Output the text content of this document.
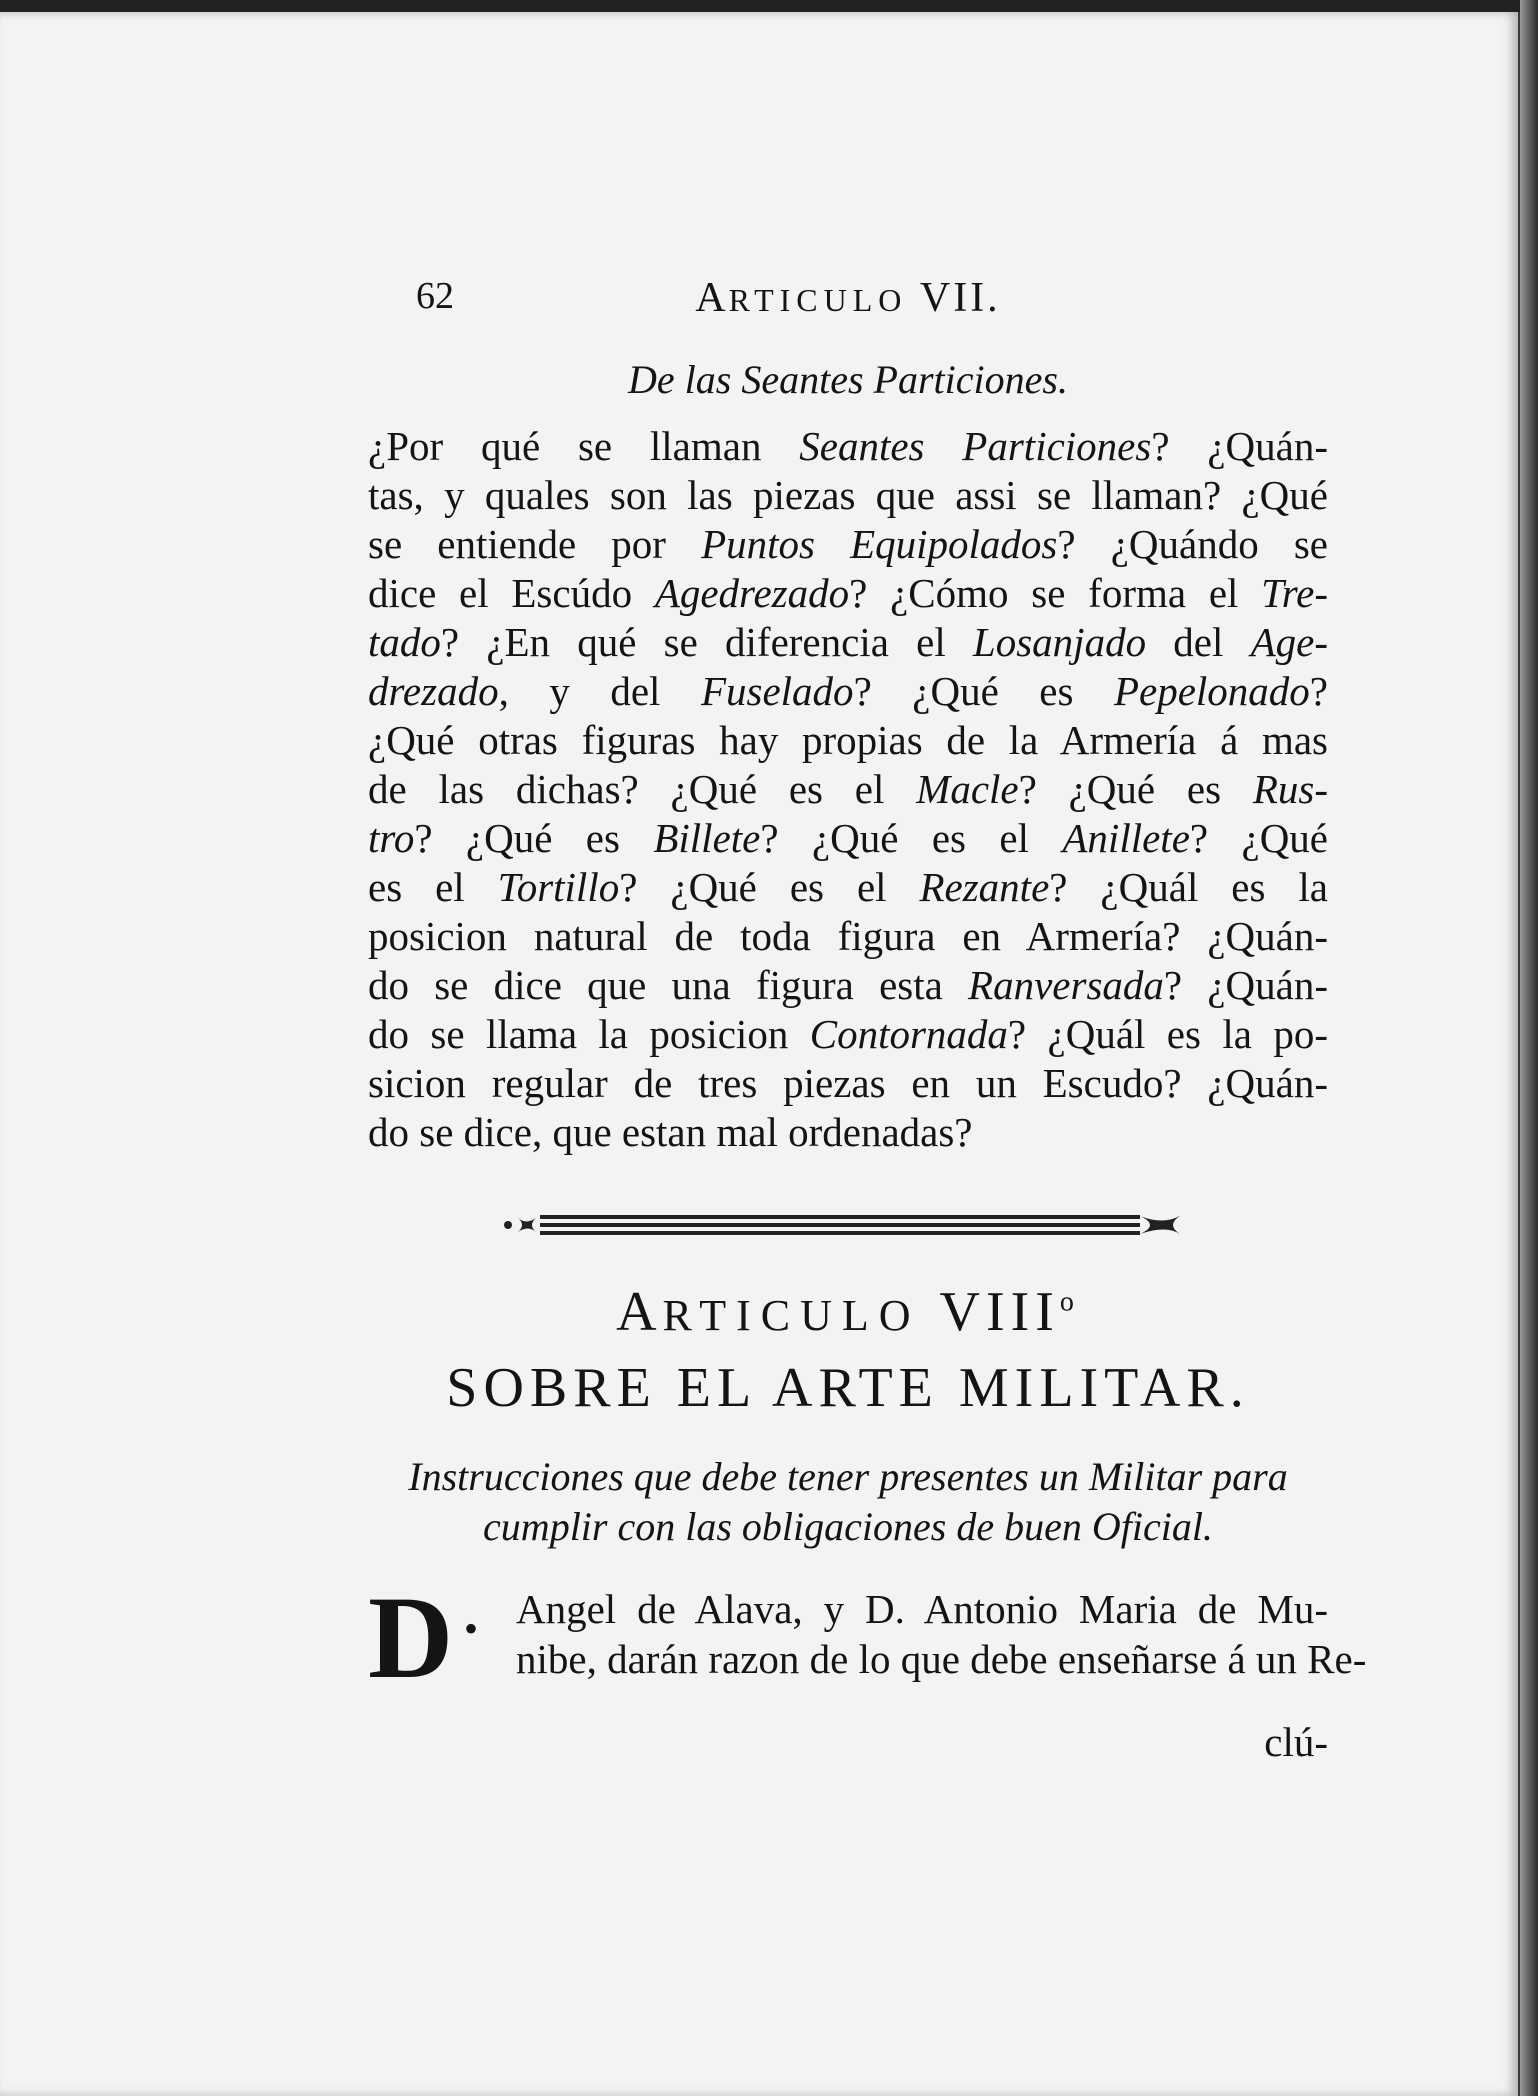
62	ARTICULO VII.
De las Seantes Particiones.
¿Por qué se llaman Seantes Particiones? ¿Quán-
tas, y quales son las piezas que assi se llaman? ¿Qué
se entiende por Puntos Equipolados? ¿Quándo se
dice el Escúdo Agedrezado? ¿Cómo se forma el Tre-
tado? ¿En qué se diferencia el Losanjado del Age-
drezado, y del Fuselado? ¿Qué es Pepelonado?
¿Qué otras figuras hay propias de la Armería á mas
de las dichas? ¿Qué es el Macle? ¿Qué es Rus-
tro? ¿Qué es Billete? ¿Qué es el Anillete? ¿Qué
es el Tortillo? ¿Qué es el Rezante? ¿Quál es la
posicion natural de toda figura en Armería? ¿Quán-
do se dice que una figura esta Ranversada? ¿Quán-
do se llama la posicion Contornada? ¿Quál es la po-
sicion regular de tres piezas en un Escudo? ¿Quán-
do se dice, que estan mal ordenadas?
ARTICULO VIII$^o$
SOBRE EL ARTE MILITAR.
Instrucciones que debe tener presentes un Militar para
cumplir con las obligaciones de buen Oficial.
D • Angel de Alava, y D. Antonio Maria de Mu-
nibe, darán razon de lo que debe enseñarse á un Re-
clú-
